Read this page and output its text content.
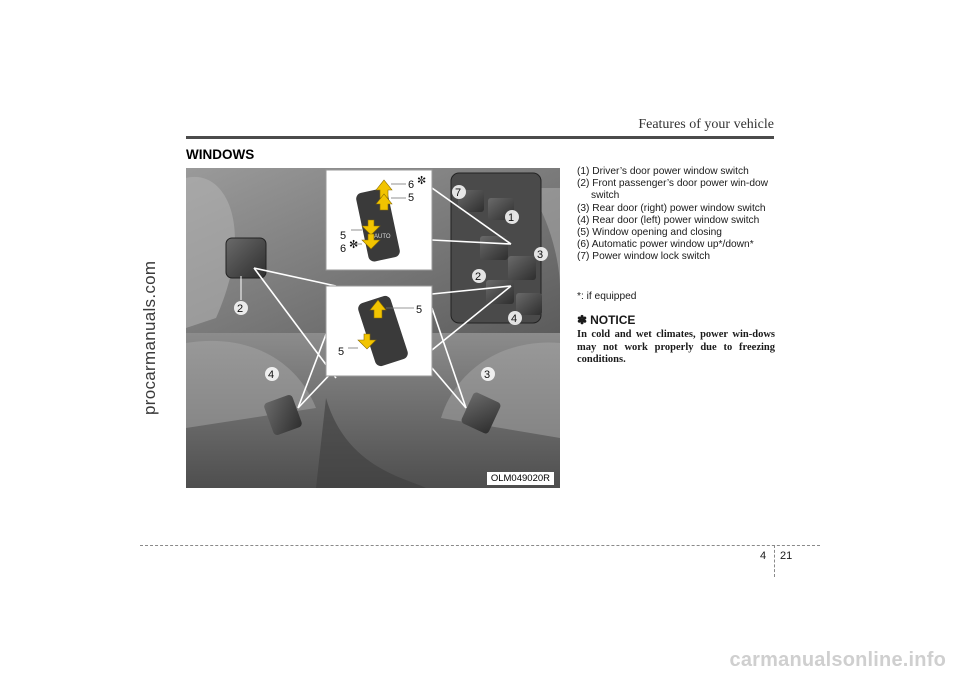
procarmanuals.com
Features of your vehicle
WINDOWS
AUTO
6 ✼
5
5
6 ✼
5
5
7
1
3
2
4
2
4	3
OLM049020R
(1) Driver’s door power window switch
(2) Front passenger’s door power win-dow switch
(3) Rear door (right) power window switch
(4) Rear door (left) power window switch
(5) Window opening and closing
(6) Automatic power window up*/down*
(7) Power window lock switch
*: if equipped
✽ NOTICE
In cold and wet climates, power win-dows may not work properly due to freezing conditions.
4 21
carmanualsonline.info
